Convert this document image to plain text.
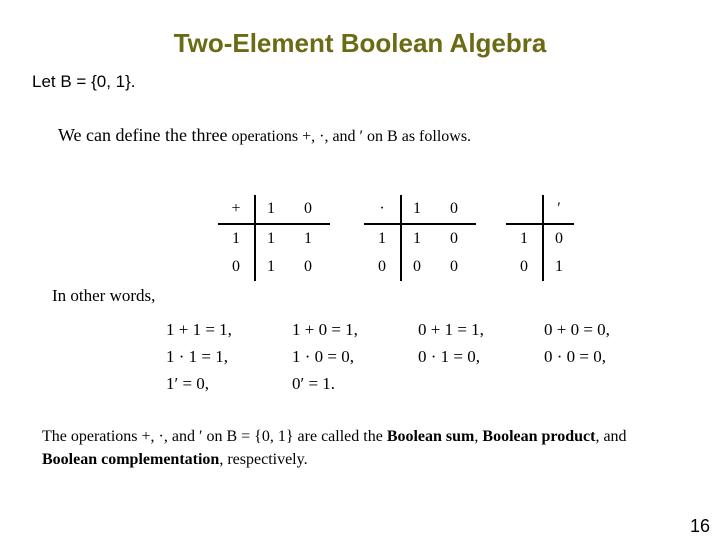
Two-Element Boolean Algebra
Let B = {0, 1}.
We can define the three operations +, ·, and ′ on B as follows.
+	1	0
1	1	1
0	1	0
·	1	0
1	1	0
0	0	0
	′
1	0
0	1
In other words,
1 + 1 = 1,	1 + 0 = 1,	0 + 1 = 1,	0 + 0 = 0,
1 · 1 = 1,	1 · 0 = 0,	0 · 1 = 0,	0 · 0 = 0,
1′ = 0,	0′ = 1.
The operations +, ·, and ′ on B = {0, 1} are called the Boolean sum, Boolean product, and Boolean complementation, respectively.
16
